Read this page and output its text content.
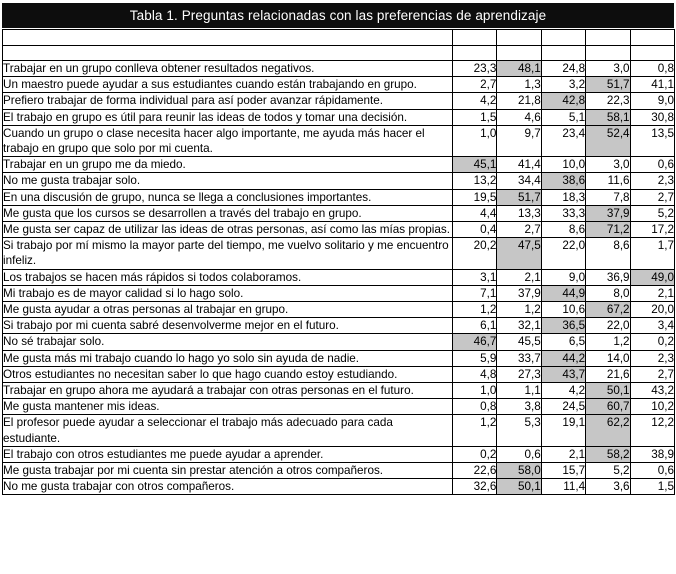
Tabla 1. Preguntas relacionadas con las preferencias de aprendizaje
	TD	ED	N	DA	TA
	%	%	%	%	%
Trabajar en un grupo conlleva obtener resultados negativos.	23,3	48,1	24,8	3,0	0,8
Un maestro puede ayudar a sus estudiantes cuando están trabajando en grupo.	2,7	1,3	3,2	51,7	41,1
Prefiero trabajar de forma individual para así poder avanzar rápidamente.	4,2	21,8	42,8	22,3	9,0
El trabajo en grupo es útil para reunir las ideas de todos y tomar una decisión.	1,5	4,6	5,1	58,1	30,8
Cuando un grupo o clase necesita hacer algo importante, me ayuda más hacer el trabajo en grupo que solo por mi cuenta.	1,0	9,7	23,4	52,4	13,5
Trabajar en un grupo me da miedo.	45,1	41,4	10,0	3,0	0,6
No me gusta trabajar solo.	13,2	34,4	38,6	11,6	2,3
En una discusión de grupo, nunca se llega a conclusiones importantes.	19,5	51,7	18,3	7,8	2,7
Me gusta que los cursos se desarrollen a través del trabajo en grupo.	4,4	13,3	33,3	37,9	5,2
Me gusta ser capaz de utilizar las ideas de otras personas, así como las mías propias.	0,4	2,7	8,6	71,2	17,2
Si trabajo por mí mismo la mayor parte del tiempo, me vuelvo solitario y me encuentro infeliz.	20,2	47,5	22,0	8,6	1,7
Los trabajos se hacen más rápidos si todos colaboramos.	3,1	2,1	9,0	36,9	49,0
Mi trabajo es de mayor calidad si lo hago solo.	7,1	37,9	44,9	8,0	2,1
Me gusta ayudar a otras personas al trabajar en grupo.	1,2	1,2	10,6	67,2	20,0
Si trabajo por mi cuenta sabré desenvolverme mejor en el futuro.	6,1	32,1	36,5	22,0	3,4
No sé trabajar solo.	46,7	45,5	6,5	1,2	0,2
Me gusta más mi trabajo cuando lo hago yo solo sin ayuda de nadie.	5,9	33,7	44,2	14,0	2,3
Otros estudiantes no necesitan saber lo que hago cuando estoy estudiando.	4,8	27,3	43,7	21,6	2,7
Trabajar en grupo ahora me ayudará a trabajar con otras personas en el futuro.	1,0	1,1	4,2	50,1	43,2
Me gusta mantener mis ideas.	0,8	3,8	24,5	60,7	10,2
El profesor puede ayudar a seleccionar el trabajo más adecuado para cada estudiante.	1,2	5,3	19,1	62,2	12,2
El trabajo con otros estudiantes me puede ayudar a aprender.	0,2	0,6	2,1	58,2	38,9
Me gusta trabajar por mi cuenta sin prestar atención a otros compañeros.	22,6	58,0	15,7	5,2	0,6
No me gusta trabajar con otros compañeros.	32,6	50,1	11,4	3,6	1,5
